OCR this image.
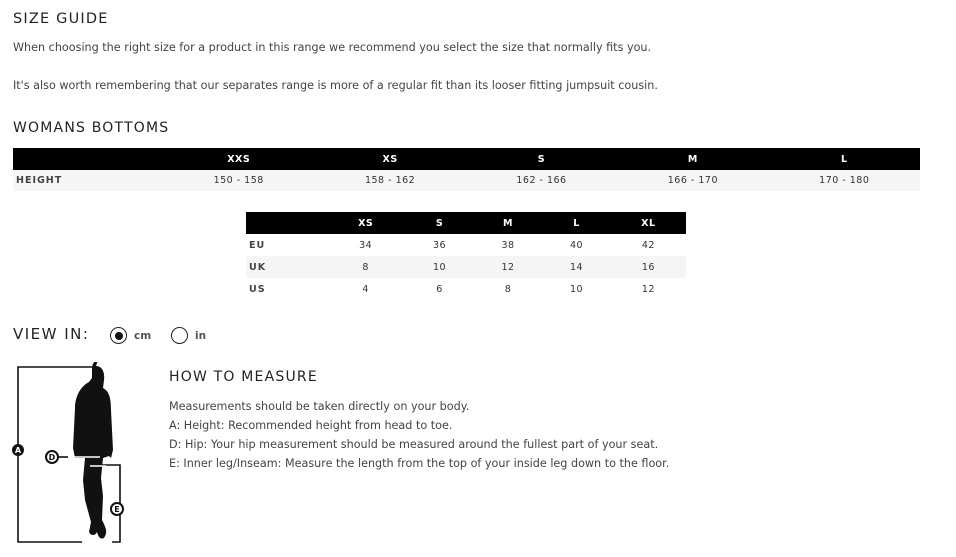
SIZE GUIDE
When choosing the right size for a product in this range we recommend you select the size that normally fits you.
It's also worth remembering that our separates range is more of a regular fit than its looser fitting jumpsuit cousin.
WOMANS BOTTOMS
	XXS	XS	S	M	L
HEIGHT	150 - 158	158 - 162	162 - 166	166 - 170	170 - 180
	XS	S	M	L	XL
EU	34	36	38	40	42
UK	8	10	12	14	16
US	4	6	8	10	12
VIEW IN:	cm	in
A
D
E
HOW TO MEASURE
Measurements should be taken directly on your body.
A: Height: Recommended height from head to toe.
D: Hip: Your hip measurement should be measured around the fullest part of your seat.
E: Inner leg/Inseam: Measure the length from the top of your inside leg down to the floor.
